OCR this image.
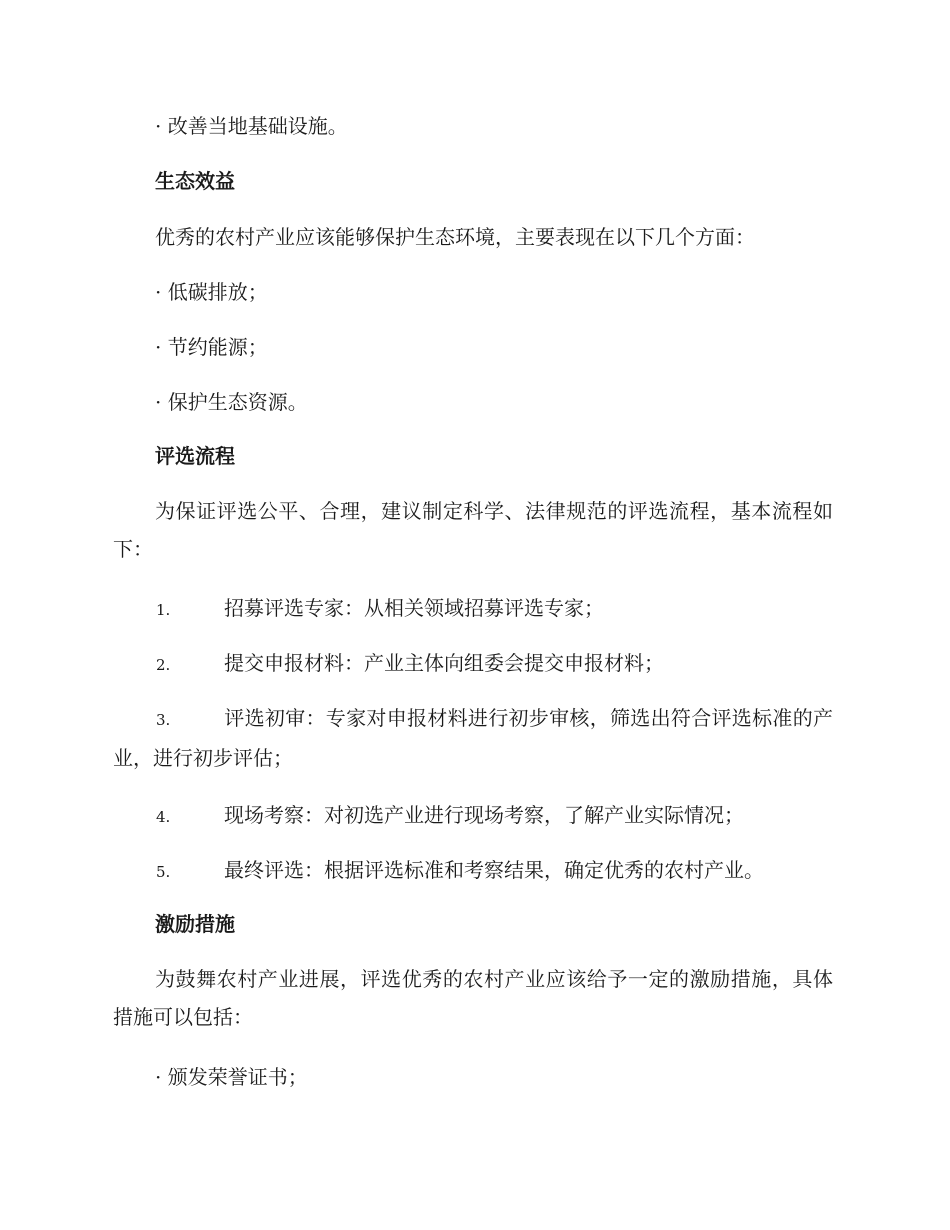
· 改善当地基础设施。
生态效益
优秀的农村产业应该能够保护生态环境，主要表现在以下几个方面：
· 低碳排放；
· 节约能源；
· 保护生态资源。
评选流程
为保证评选公平、合理，建议制定科学、法律规范的评选流程，基本流程如下：
1.	招募评选专家：从相关领域招募评选专家；
2.	提交申报材料：产业主体向组委会提交申报材料；
3.	评选初审：专家对申报材料进行初步审核，筛选出符合评选标准的产业，进行初步评估；
4.	现场考察：对初选产业进行现场考察，了解产业实际情况；
5.	最终评选：根据评选标准和考察结果，确定优秀的农村产业。
激励措施
为鼓舞农村产业进展，评选优秀的农村产业应该给予一定的激励措施，具体措施可以包括：
· 颁发荣誉证书；
